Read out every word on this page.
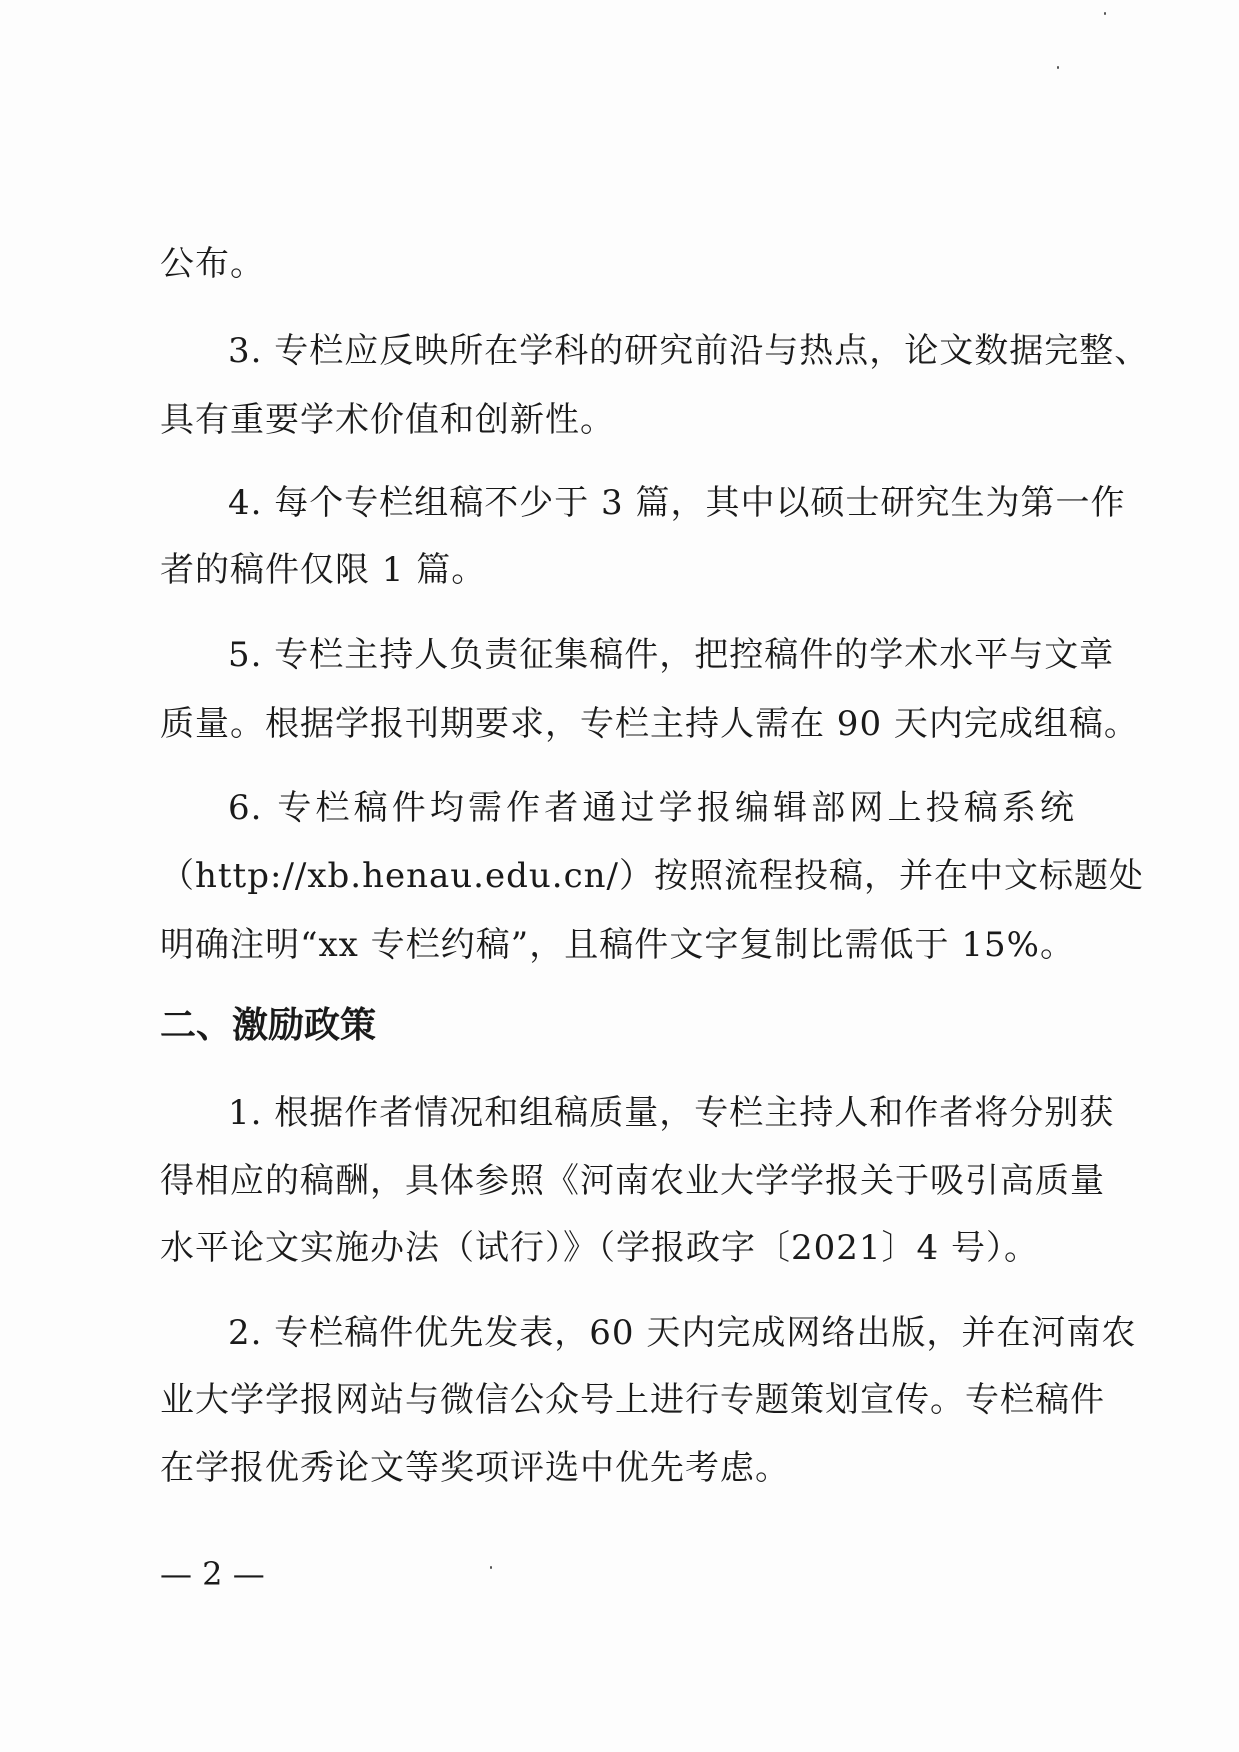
公布。
3. 专栏应反映所在学科的研究前沿与热点，论文数据完整、
具有重要学术价值和创新性。
4. 每个专栏组稿不少于 3 篇，其中以硕士研究生为第一作
者的稿件仅限 1 篇。
5. 专栏主持人负责征集稿件，把控稿件的学术水平与文章
质量。根据学报刊期要求，专栏主持人需在 90 天内完成组稿。
6. 专栏稿件均需作者通过学报编辑部网上投稿系统
（http://xb.henau.edu.cn/）按照流程投稿，并在中文标题处
明确注明“xx 专栏约稿”，且稿件文字复制比需低于 15%。
二、激励政策
1. 根据作者情况和组稿质量，专栏主持人和作者将分别获
得相应的稿酬，具体参照《河南农业大学学报关于吸引高质量
水平论文实施办法（试行）》（学报政字〔2021〕4 号）。
2. 专栏稿件优先发表，60 天内完成网络出版，并在河南农
业大学学报网站与微信公众号上进行专题策划宣传。专栏稿件
在学报优秀论文等奖项评选中优先考虑。
— 2 —
